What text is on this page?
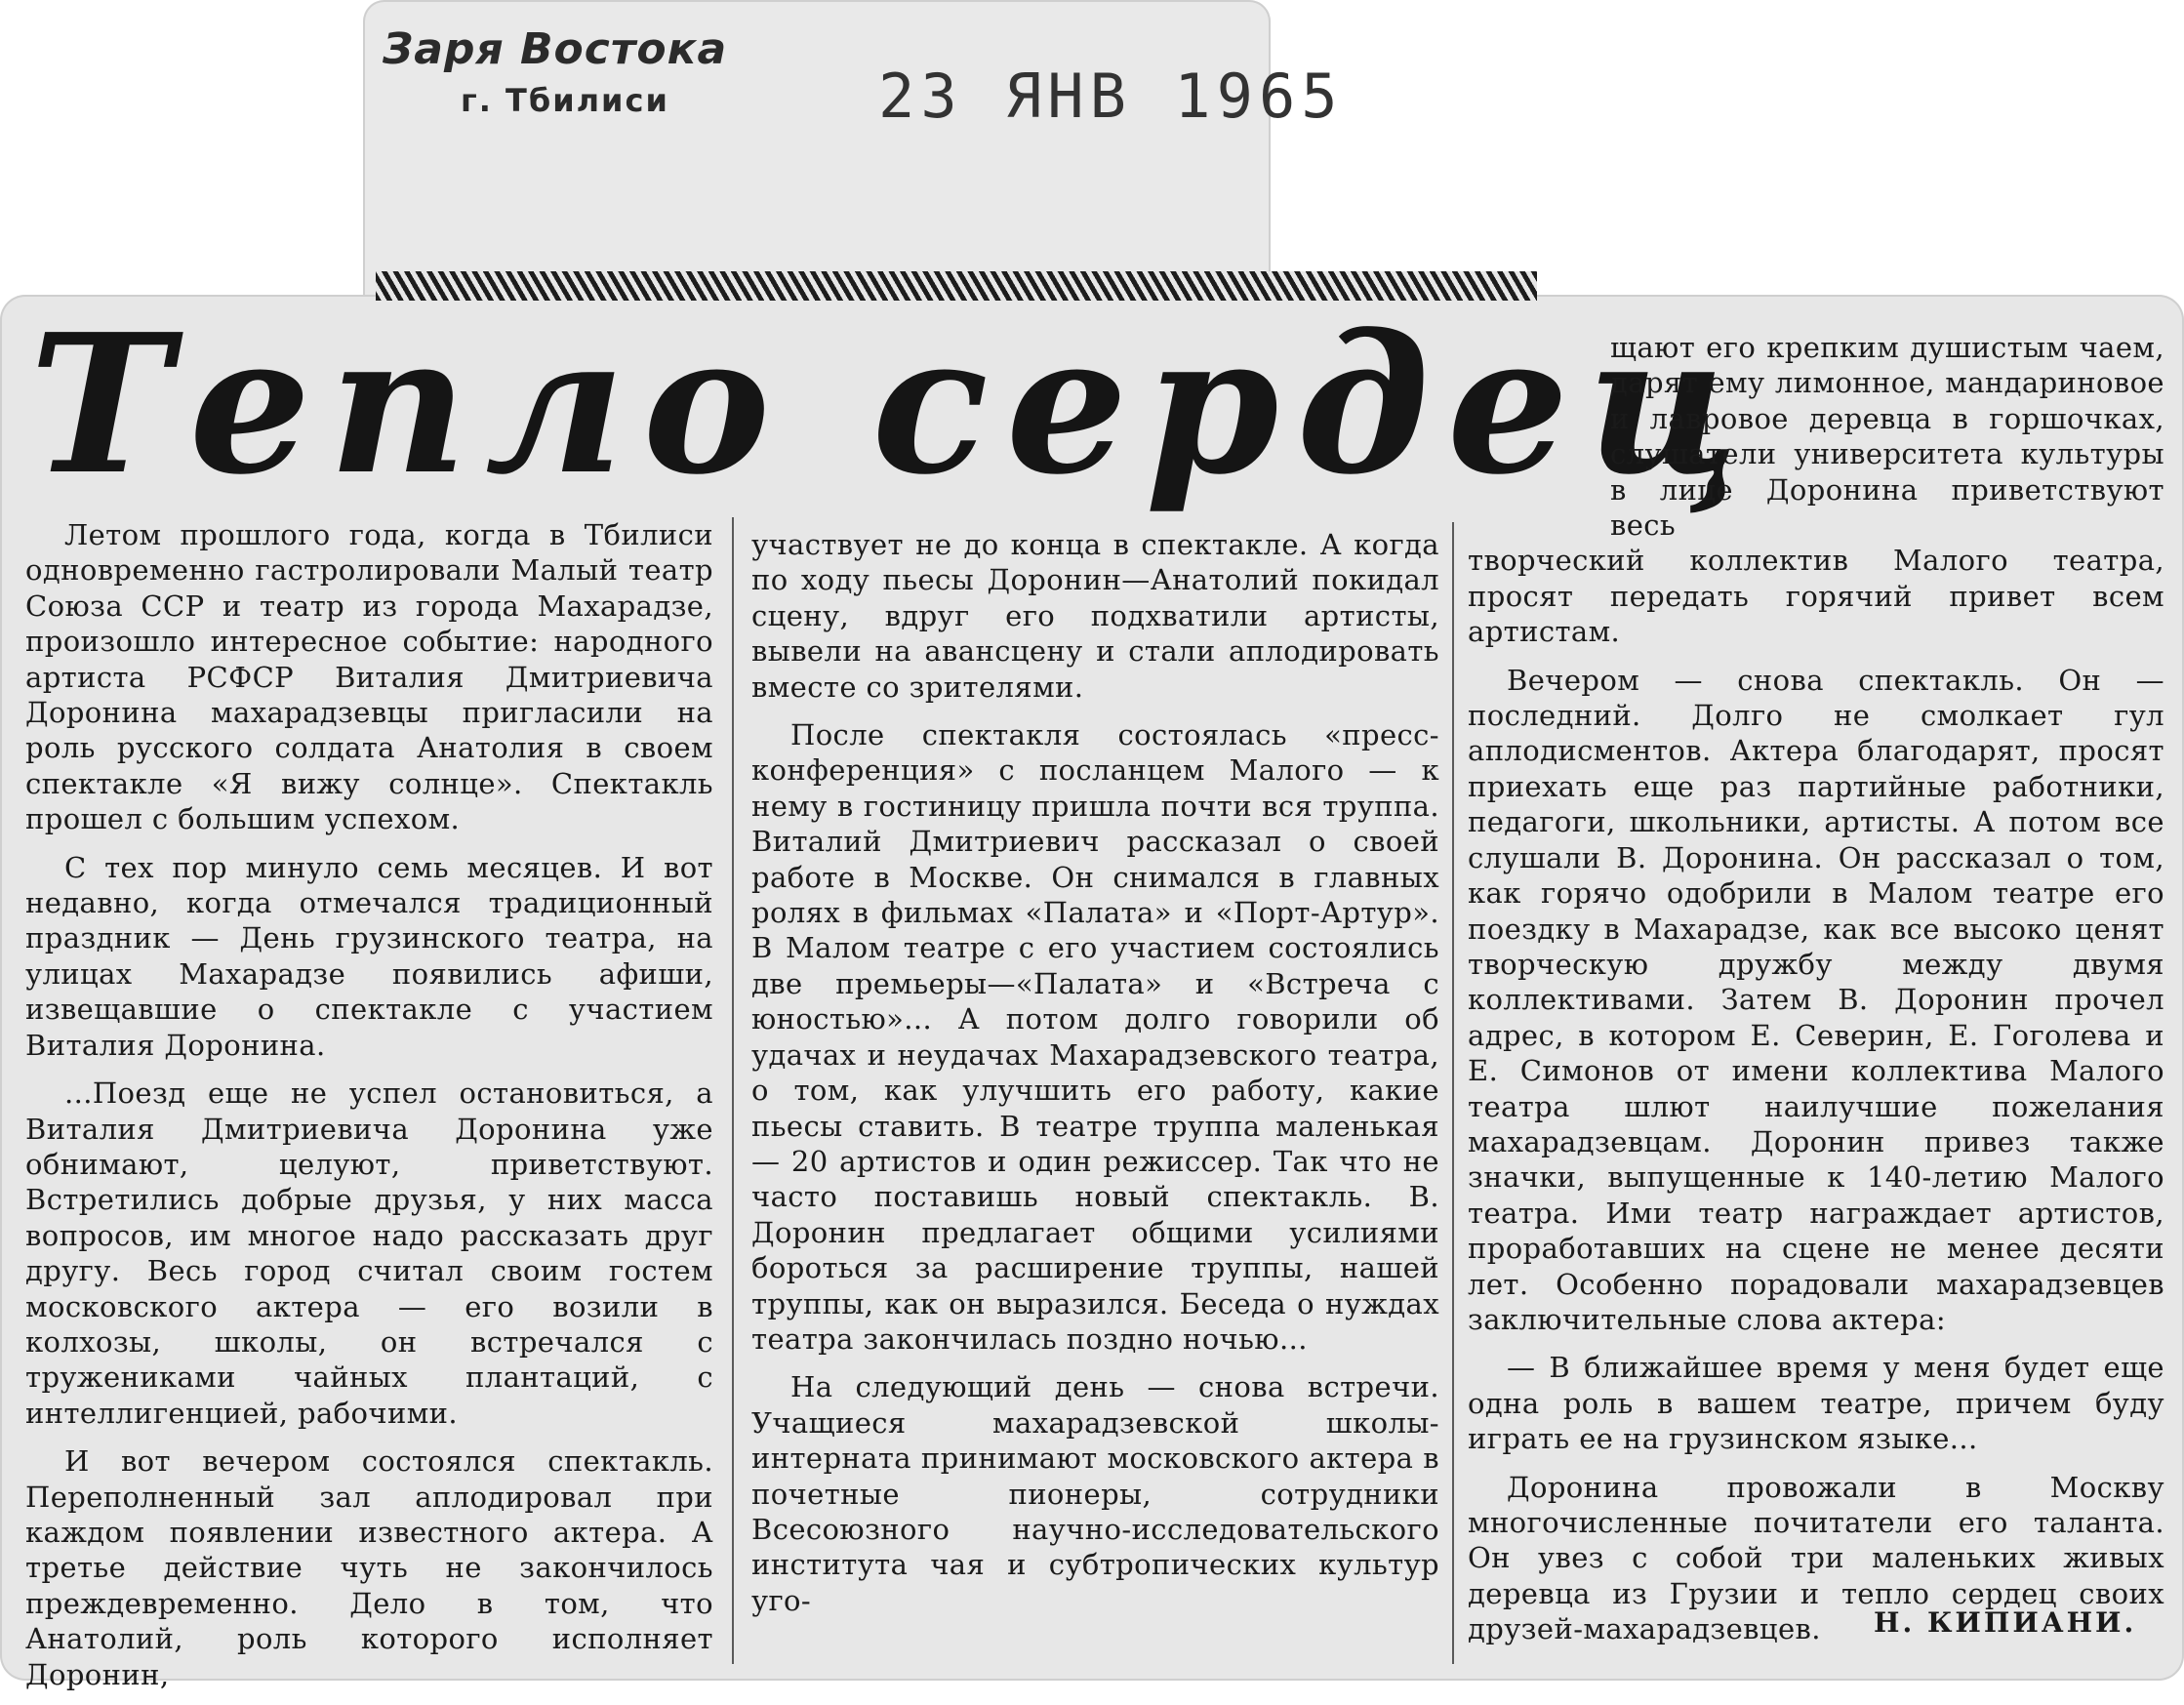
Заря Востока
г. Тбилиси	23 ЯНВ 1965
Тепло сердец

Летом прошлого года, когда в Тбилиси одновременно гастролировали Малый театр Союза ССР и театр из города Махарадзе, произошло интересное событие: народного артиста РСФСР Виталия Дмитриевича Доронина махарадзевцы пригласили на роль русского солдата Анатолия в своем спектакле «Я вижу солнце». Спектакль прошел с большим успехом.

С тех пор минуло семь месяцев. И вот недавно, когда отмечался традиционный праздник — День грузинского театра, на улицах Махарадзе появились афиши, извещавшие о спектакле с участием Виталия Доронина.

...Поезд еще не успел остановиться, а Виталия Дмитриевича Доронина уже обнимают, целуют, приветствуют. Встретились добрые друзья, у них масса вопросов, им многое надо рассказать друг другу. Весь город считал своим гостем московского актера — его возили в колхозы, школы, он встречался с тружениками чайных плантаций, с интеллигенцией, рабочими.

И вот вечером состоялся спектакль. Переполненный зал аплодировал при каждом появлении известного актера. А третье действие чуть не закончилось преждевременно. Дело в том, что Анатолий, роль которого исполняет Доронин,

участвует не до конца в спектакле. А когда по ходу пьесы Доронин—Анатолий покидал сцену, вдруг его подхватили артисты, вывели на авансцену и стали аплодировать вместе со зрителями.

После спектакля состоялась «пресс-конференция» с посланцем Малого — к нему в гостиницу пришла почти вся труппа. Виталий Дмитриевич рассказал о своей работе в Москве. Он снимался в главных ролях в фильмах «Палата» и «Порт-Артур». В Малом театре с его участием состоялись две премьеры—«Палата» и «Встреча с юностью»... А потом долго говорили об удачах и неудачах Махарадзевского театра, о том, как улучшить его работу, какие пьесы ставить. В театре труппа маленькая — 20 артистов и один режиссер. Так что не часто поставишь новый спектакль. В. Доронин предлагает общими усилиями бороться за расширение труппы, нашей труппы, как он выразился. Беседа о нуждах театра закончилась поздно ночью...

На следующий день — снова встречи. Учащиеся махарадзевской школы-интерната принимают московского актера в почетные пионеры, сотрудники Всесоюзного научно-исследовательского института чая и субтропических культур уго-

щают его крепким душистым чаем, дарят ему лимонное, мандариновое и лавровое деревца в горшочках, слушатели университета культуры в лице Доронина приветствуют весь

творческий коллектив Малого театра, просят передать горячий привет всем артистам.

Вечером — снова спектакль. Он — последний. Долго не смолкает гул аплодисментов. Актера благодарят, просят приехать еще раз партийные работники, педагоги, школьники, артисты. А потом все слушали В. Доронина. Он рассказал о том, как горячо одобрили в Малом театре его поездку в Махарадзе, как все высоко ценят творческую дружбу между двумя коллективами. Затем В. Доронин прочел адрес, в котором Е. Северин, Е. Гоголева и Е. Симонов от имени коллектива Малого театра шлют наилучшие пожелания махарадзевцам. Доронин привез также значки, выпущенные к 140-летию Малого театра. Ими театр награждает артистов, проработавших на сцене не менее десяти лет. Особенно порадовали махарадзевцев заключительные слова актера:

— В ближайшее время у меня будет еще одна роль в вашем театре, причем буду играть ее на грузинском языке...

Доронина провожали в Москву многочисленные почитатели его таланта. Он увез с собой три маленьких живых деревца из Грузии и тепло сердец своих друзей-махарадзевцев.	Н. КИПИАНИ.
